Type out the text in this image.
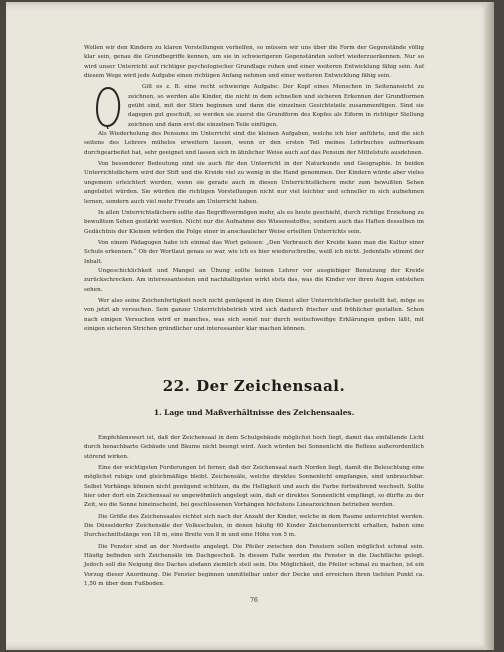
Wollen wir den Kindern zu klaren Vorstellungen verhelfen, so müssen wir uns über die Form der Gegenstände völlig klar sein, genau die Grundbegriffe kennen, um sie in schwierigeren Gegenständen sofort wiederzuerkennen. Nur so wird unser Unterricht auf richtiger psychologischer Grundlage ruhen und einer weiteren Entwicklung fähig sein. Auf diesem Wege wird jede Aufgabe einen richtigen Anfang nehmen und einer weiteren Entwicklung fähig sein.

Gilt es z. B. eine recht schwierige Aufgabe: Der Kopf eines Menschen in Seitenansicht zu zeichnen, so werden alle Kinder, die nicht in dem schnellen und sicheren Erkennen der Grundformen geübt sind, mit der Stirn beginnen und dann die einzelnen Gesichtsteile zusammenfügen. Sind sie dagegen gut geschult, so werden sie zuerst die Grundform des Kopfes als Eiform in richtiger Stellung zeichnen und dann erst die einzelnen Teile einfügen.

Als Wiederholung des Pensums im Unterricht sind die kleinen Aufgaben, welche ich hier anführte, und die sich seitens des Lehrers mühelos erweitern lassen, wenn er den ersten Teil meines Lehrbuches aufmerksam durchgearbeitet hat, sehr geeignet und lassen sich in ähnlicher Weise auch auf das Pensum der Mittelstufe ausdehnen.

Von besonderer Bedeutung sind sie auch für den Unterricht in der Naturkunde und Geographie. In beiden Unterrichtsfächern wird der Stift und die Kreide viel zu wenig in die Hand genommen. Der Kindern würde aber vieles ungemein erleichtert werden, wenn sie gerade auch in diesen Unterrichtsfächern mehr zum bewußten Sehen angeleitet würden. Sie würden die richtigen Vorstellungen nicht nur viel leichter und schneller in sich aufnehmen lernen, sondern auch viel mehr Freude am Unterricht haben.

In allen Unterrichtsfächern sollte das Begriffsvermögen mehr, als es heute geschieht, durch richtige Erziehung zu bewußtem Sehen gestärkt werden. Nicht nur die Aufnahme des Wissensstoffes, sondern auch das Haften desselben im Gedächtnis der Kleinen würden die Folge einer in anschaulicher Weise erteilten Unterrichts sein.

Von einem Pädagogen habe ich einmal das Wort gelesen: „Den Verbrauch der Kreide kann man die Kultur einer Schule erkennen.“ Ob der Wortlaut genau so war, wie ich es hier wiederschreibe, weiß ich nicht. Jedenfalls stimmt der Inhalt.

Ungeschicklichkeit und Mangel an Übung sollte keinen Lehrer vor ausgiebiger Benutzung der Kreide zurückschrecken. Am interessantesten und nachhaltigsten wirkt stets das, was die Kinder vor ihren Augen entstehen sehen.

Wer also seine Zeichenfertigkeit noch nicht genügend in den Dienst aller Unterrichtsfächer gestellt hat, möge es von jetzt ab versuchen. Sein ganzer Unterrichtsbetrieb wird sich dadurch frischer und fröhlicher gestalten. Schon nach einigen Versuchen wird er manches, was sich sonst nur durch weitschweifige Erklärungen geben läßt, mit einigen sicheren Strichen gründlicher und interessanter klar machen können.

22. Der Zeichensaal.
1. Lage und Maßverhältnisse des Zeichensaales.

Empfehlenswert ist, daß der Zeichensaal in dem Schulgebäude möglichst hoch liegt, damit das einfallende Licht durch benachbarte Gebäude und Bäume nicht beengt wird. Auch würden bei Sonnenlicht die Reflexe außerordentlich störend wirken.

Eine der wichtigsten Forderungen ist ferner, daß der Zeichensaal nach Norden liegt, damit die Beleuchtung eine möglichst ruhige und gleichmäßige bleibt. Zeichensäle, welche direktes Sonnenlicht empfangen, sind unbrauchbar. Selbst Vorhänge können nicht genügend schützen, da die Helligkeit und auch die Farbe fortwährend wechselt. Sollte hier oder dort ein Zeichensaal so ungewöhnlich angelegt sein, daß er direktes Sonnenlicht empfängt, so dürfte zu der Zeit, wo die Sonne hineinscheint, bei geschlossenen Vorhängen höchstens Linearzeichnen betrieben werden.

Die Größe des Zeichensaales richtet sich nach der Anzahl der Kinder, welche in dem Raume unterrichtet werden. Die Düsseldorfer Zeichensäle der Volksschulen, in denen häufig 60 Kinder Zeichenunterricht erhalten, haben eine Durchschnittslänge von 18 m, eine Breite von 8 m und eine Höhe von 5 m.

Die Fenster sind an der Nordseite angelegt. Die Pfeiler zwischen den Fenstern sollen möglichst schmal sein. Häufig befinden sich Zeichensäle im Dachgeschoß. In diesem Falle werden die Fenster in die Dachfläche gelegt. Jedoch soll die Neigung des Daches alsdann ziemlich steil sein. Die Möglichkeit, die Pfeiler schmal zu machen, ist ein Vorzug dieser Anordnung. Die Fenster beginnen unmittelbar unter der Decke und erreichen ihren tiefsten Punkt ca. 1,50 m über dem Fußboden.

76
